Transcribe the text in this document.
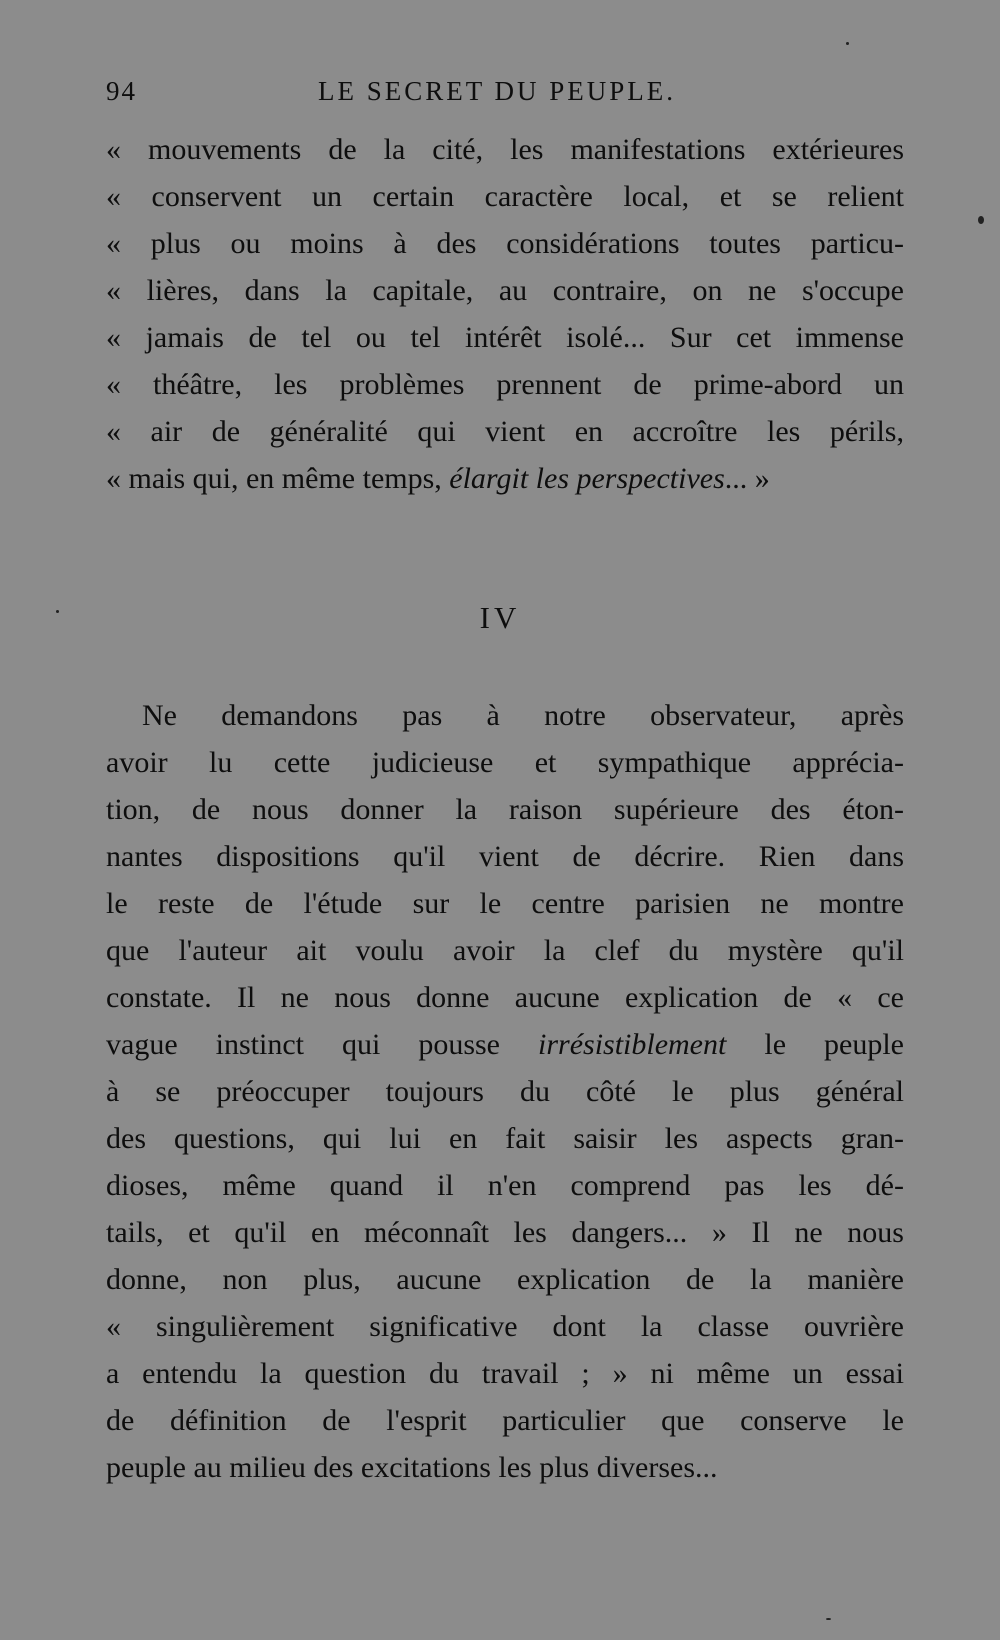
94	LE SECRET DU PEUPLE.
« mouvements de la cité, les manifestations extérieures
« conservent un certain caractère local, et se relient
« plus ou moins à des considérations toutes particu-
« lières, dans la capitale, au contraire, on ne s'occupe
« jamais de tel ou tel intérêt isolé... Sur cet immense
« théâtre, les problèmes prennent de prime-abord un
« air de généralité qui vient en accroître les périls,
« mais qui, en même temps, élargit les perspectives... »
IV
Ne demandons pas à notre observateur, après
avoir lu cette judicieuse et sympathique apprécia-
tion, de nous donner la raison supérieure des éton-
nantes dispositions qu'il vient de décrire. Rien dans
le reste de l'étude sur le centre parisien ne montre
que l'auteur ait voulu avoir la clef du mystère qu'il
constate. Il ne nous donne aucune explication de « ce
vague instinct qui pousse irrésistiblement le peuple
à se préoccuper toujours du côté le plus général
des questions, qui lui en fait saisir les aspects gran-
dioses, même quand il n'en comprend pas les dé-
tails, et qu'il en méconnaît les dangers... » Il ne nous
donne, non plus, aucune explication de la manière
« singulièrement significative dont la classe ouvrière
a entendu la question du travail ; » ni même un essai
de définition de l'esprit particulier que conserve le
peuple au milieu des excitations les plus diverses...
